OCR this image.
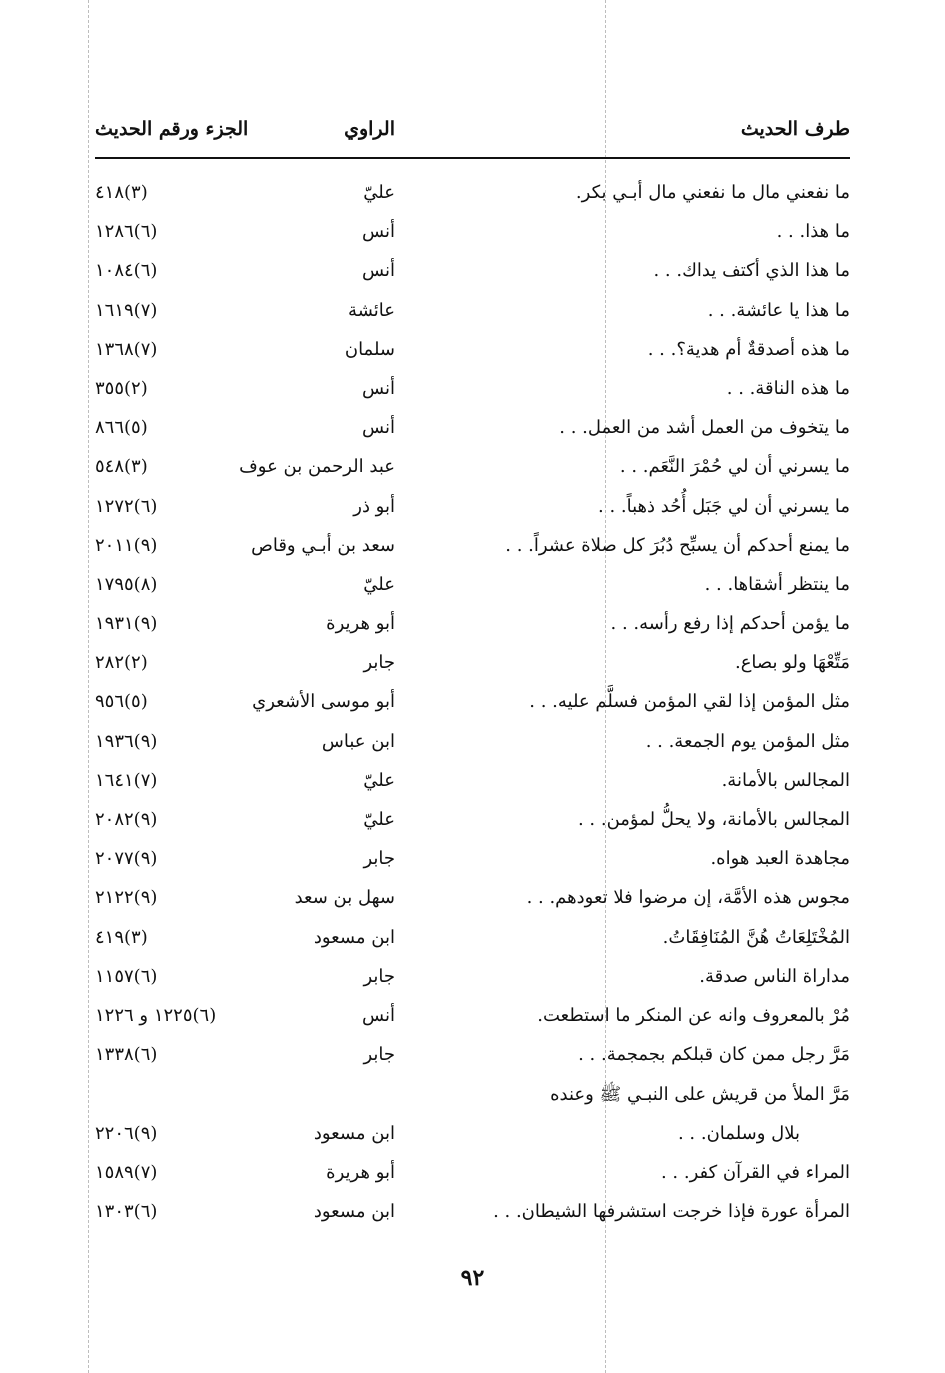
طرف الحديث
الراوي
الجزء ورقم الحديث
ما نفعني مال ما نفعني مال أبـي بكر.
عليّ
(٣)٤١٨
ما هذا. . .
أنس
(٦)١٢٨٦
ما هذا الذي أكتف يداك. . .
أنس
(٦)١٠٨٤
ما هذا يا عائشة. . .
عائشة
(٧)١٦١٩
ما هذه أصدقةٌ أم هدية؟. . .
سلمان
(٧)١٣٦٨
ما هذه الناقة. . .
أنس
(٢)٣٥٥
ما يتخوف من العمل أشد من العمل. . .
أنس
(٥)٨٦٦
ما يسرني أن لي حُمْرَ النَّعَم. . .
عبد الرحمن بن عوف
(٣)٥٤٨
ما يسرني أن لي جَبَل أُحُد ذهباً. . .
أبو ذر
(٦)١٢٧٢
ما يمنع أحدكم أن يسبِّح دُبُرَ كل صلاة عشراً. . .
سعد بن أبـي وقاص
(٩)٢٠١١
ما ينتظر أشقاها. . .
عليّ
(٨)١٧٩٥
ما يؤمن أحدكم إذا رفع رأسه. . .
أبو هريرة
(٩)١٩٣١
مَتِّعْهَا ولو بصاع.
جابر
(٢)٢٨٢
مثل المؤمن إذا لقي المؤمن فسلَّم عليه. . .
أبو موسى الأشعري
(٥)٩٥٦
مثل المؤمن يوم الجمعة. . .
ابن عباس
(٩)١٩٣٦
المجالس بالأمانة.
عليّ
(٧)١٦٤١
المجالس بالأمانة، ولا يحلُّ لمؤمن. . .
عليّ
(٩)٢٠٨٢
مجاهدة العبد هواه.
جابر
(٩)٢٠٧٧
مجوس هذه الأمَّة، إن مرضوا فلا تعودهم. . .
سهل بن سعد
(٩)٢١٢٢
المُخْتَلِعَاتُ هُنَّ المُنَافِقَاتُ.
ابن مسعود
(٣)٤١٩
مداراة الناس صدقة.
جابر
(٦)١١٥٧
مُرْ بالمعروف وانه عن المنكر ما استطعت.
أنس
(٦)١٢٢٥ و ١٢٢٦
مَرَّ رجل ممن كان قبلكم بجمجمة. . .
جابر
(٦)١٣٣٨
مَرَّ الملأ من قريش على النبـي ﷺ وعنده
بلال وسلمان. . .
ابن مسعود
(٩)٢٢٠٦
المراء في القرآن كفر. . .
أبو هريرة
(٧)١٥٨٩
المرأة عورة فإذا خرجت استشرفها الشيطان. . .
ابن مسعود
(٦)١٣٠٣
٩٢
